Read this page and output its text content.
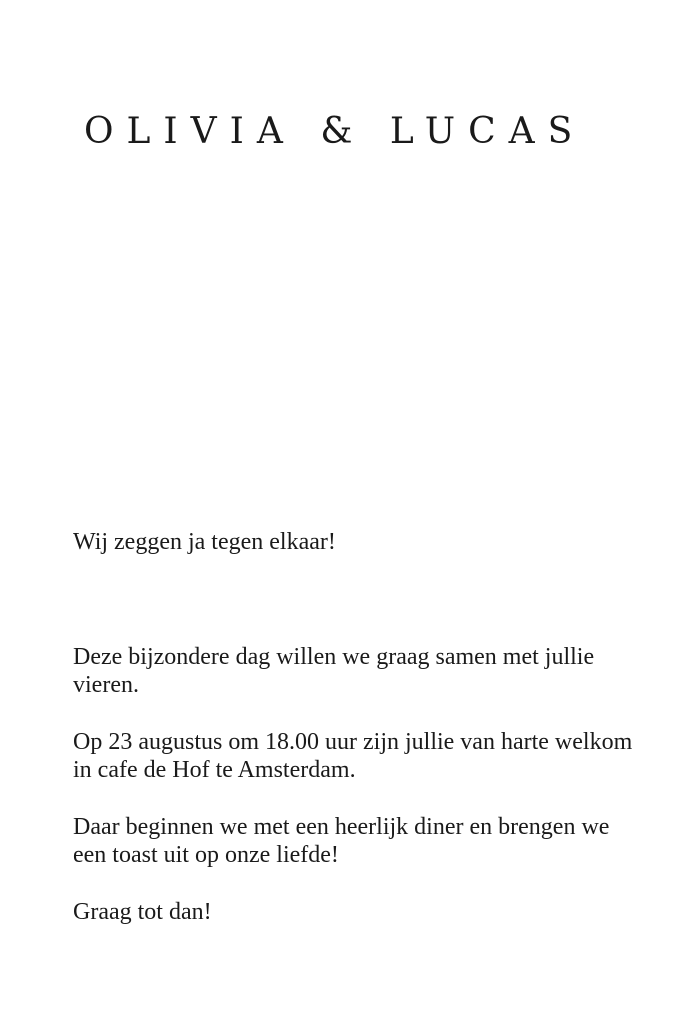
OLIVIA & LUCAS

Wij zeggen ja tegen elkaar!

Deze bijzondere dag willen we graag samen met jullie vieren.

Op 23 augustus om 18.00 uur zijn jullie van harte welkom in cafe de Hof te Amsterdam.

Daar beginnen we met een heerlijk diner en brengen we een toast uit op onze liefde!

Graag tot dan!
